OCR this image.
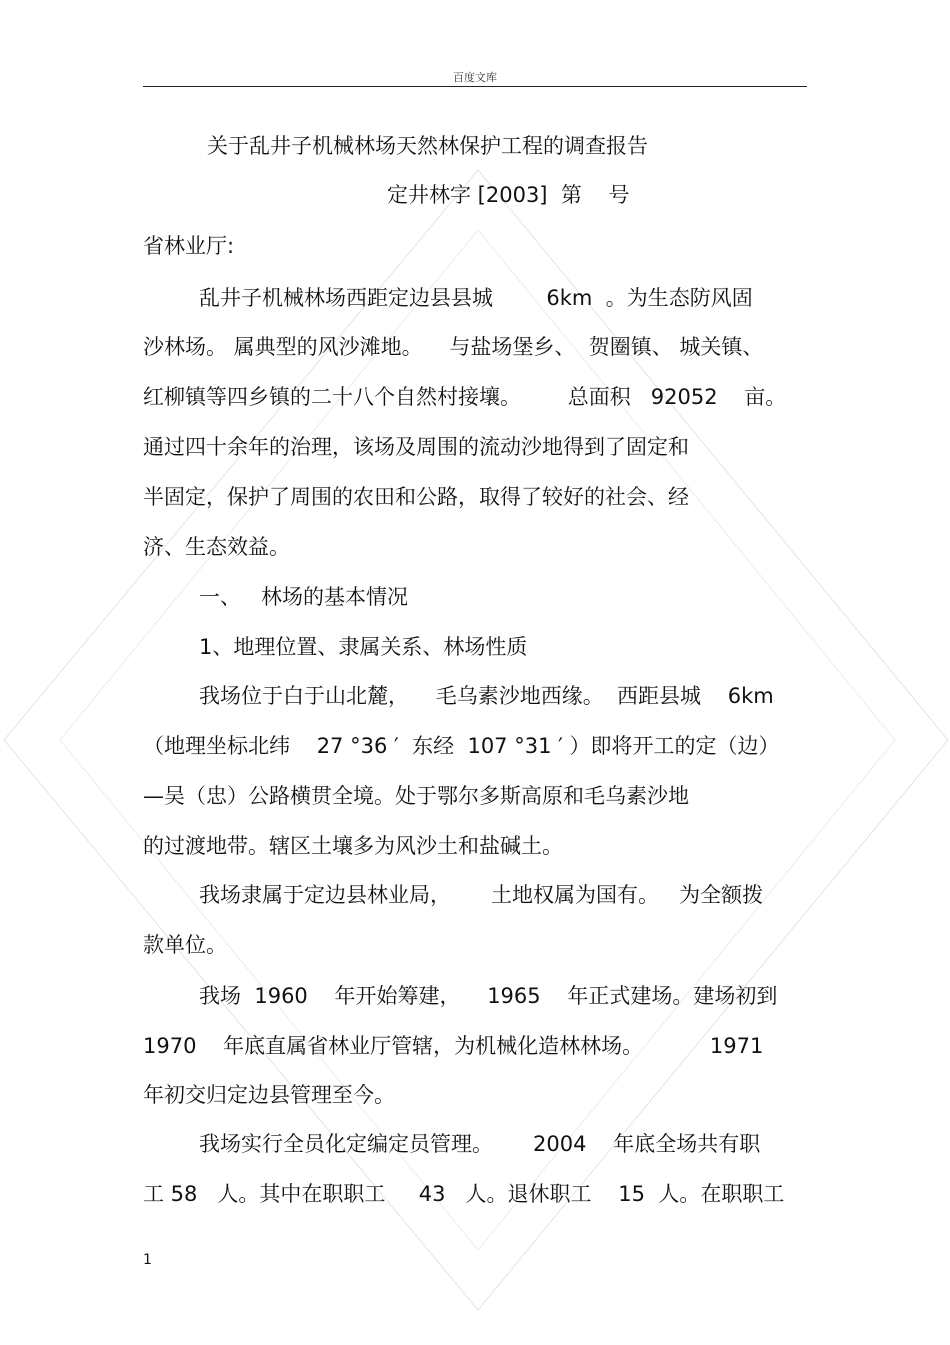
百度文库
关于乱井子机械林场天然林保护工程的调查报告
定井林字 [2003]  第    号
省林业厅:
乱井子机械林场西距定边县县城        6km  。为生态防风固
沙林场。 属典型的风沙滩地。    与盐场堡乡、  贺圈镇、 城关镇、
红柳镇等四乡镇的二十八个自然村接壤。       总面积   92052    亩。
通过四十余年的治理，该场及周围的流动沙地得到了固定和
半固定，保护了周围的农田和公路，取得了较好的社会、经
济、生态效益。
一、   林场的基本情况
1、地理位置、隶属关系、林场性质
我场位于白于山北麓，    毛乌素沙地西缘。  西距县城    6km
（地理坐标北纬    27 °36 ′  东经  107 °31 ′ ）即将开工的定（边）
—吴（忠）公路横贯全境。处于鄂尔多斯高原和毛乌素沙地
的过渡地带。辖区土壤多为风沙土和盐碱土。
我场隶属于定边县林业局，      土地权属为国有。   为全额拨
款单位。
我场  1960    年开始筹建，    1965    年正式建场。建场初到
1970    年底直属省林业厅管辖，为机械化造林林场。          1971
年初交归定边县管理至今。
我场实行全员化定编定员管理。      2004    年底全场共有职
工 58   人。其中在职职工     43   人。退休职工    15  人。在职职工
1
